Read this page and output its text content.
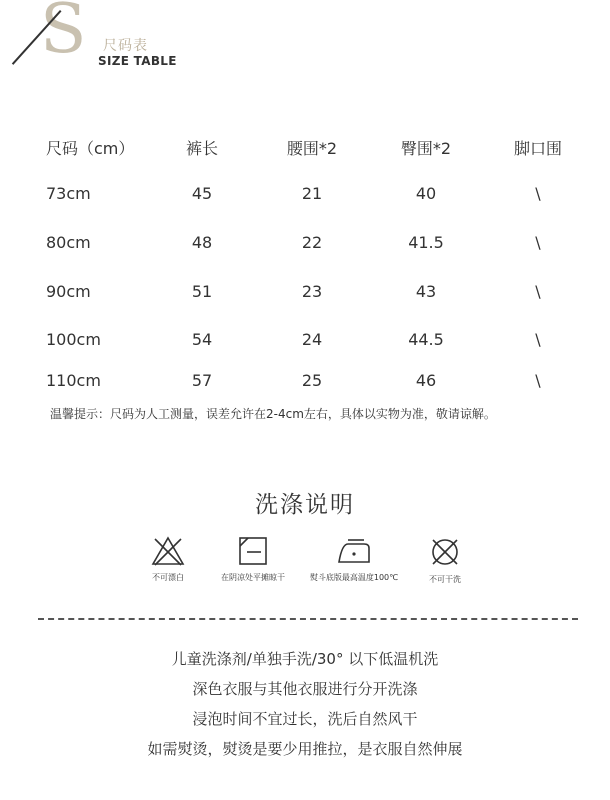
S 尺码表
SIZE TABLE
尺码（cm）	裤长	腰围*2	臀围*2	脚口围
73cm	45	21	40	\
80cm	48	22	41.5	\
90cm	51	23	43	\
100cm	54	24	44.5	\
110cm	57	25	46	\
温馨提示：尺码为人工测量，误差允许在2-4cm左右，具体以实物为准，敬请谅解。
洗涤说明
不可漂白	在阴凉处平摊晾干	熨斗底版最高温度100℃	不可干洗
儿童洗涤剂/单独手洗/30° 以下低温机洗
深色衣服与其他衣服进行分开洗涤
浸泡时间不宜过长，洗后自然风干
如需熨烫，熨烫是要少用推拉，是衣服自然伸展
